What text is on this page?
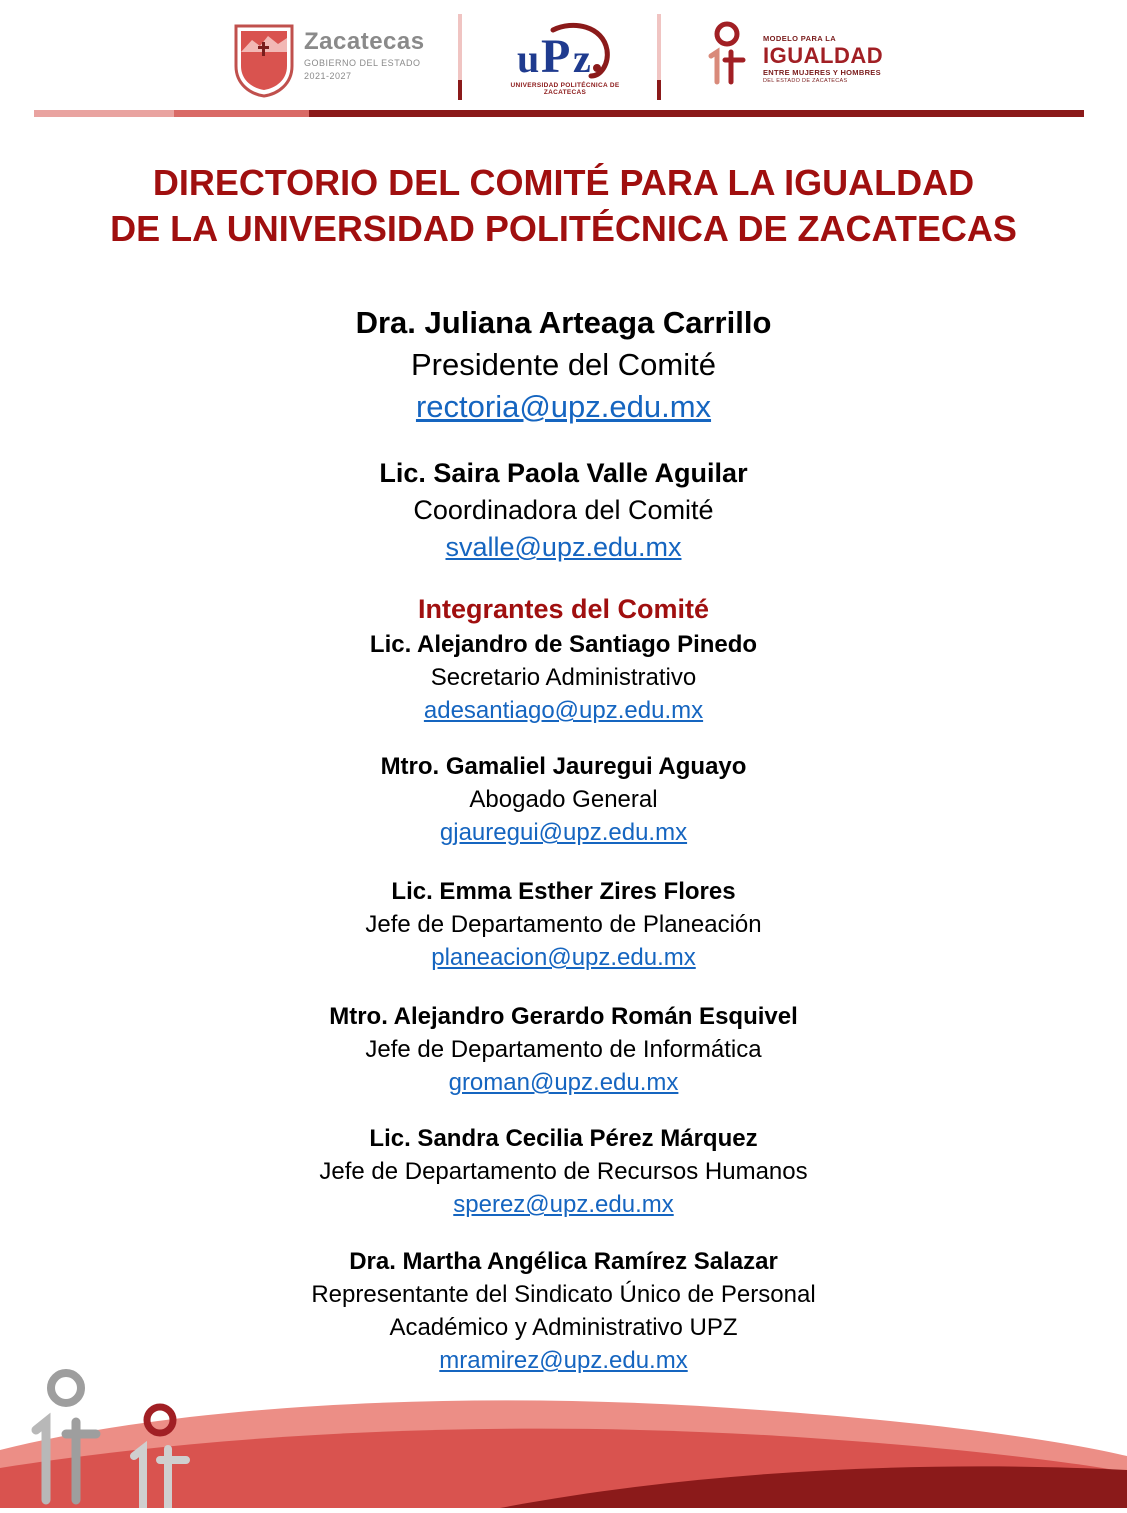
Zacatecas
GOBIERNO DEL ESTADO
2021-2027	u P z
UNIVERSIDAD POLITÉCNICA DE ZACATECAS
MODELO PARA LA
IGUALDAD
ENTRE MUJERES Y HOMBRES
DEL ESTADO DE ZACATECAS
DIRECTORIO DEL COMITÉ PARA LA IGUALDAD
DE LA UNIVERSIDAD POLITÉCNICA DE ZACATECAS
Dra. Juliana Arteaga Carrillo
Presidente del Comité
rectoria@upz.edu.mx
Lic. Saira Paola Valle Aguilar
Coordinadora del Comité
svalle@upz.edu.mx
Integrantes del Comité
Lic. Alejandro de Santiago Pinedo
Secretario Administrativo
adesantiago@upz.edu.mx
Mtro. Gamaliel Jauregui Aguayo
Abogado General
gjauregui@upz.edu.mx
Lic. Emma Esther Zires Flores
Jefe de Departamento de Planeación
planeacion@upz.edu.mx
Mtro. Alejandro Gerardo Román Esquivel
Jefe de Departamento de Informática
groman@upz.edu.mx
Lic. Sandra Cecilia Pérez Márquez
Jefe de Departamento de Recursos Humanos
sperez@upz.edu.mx
Dra. Martha Angélica Ramírez Salazar
Representante del Sindicato Único de Personal
Académico y Administrativo UPZ
mramirez@upz.edu.mx
